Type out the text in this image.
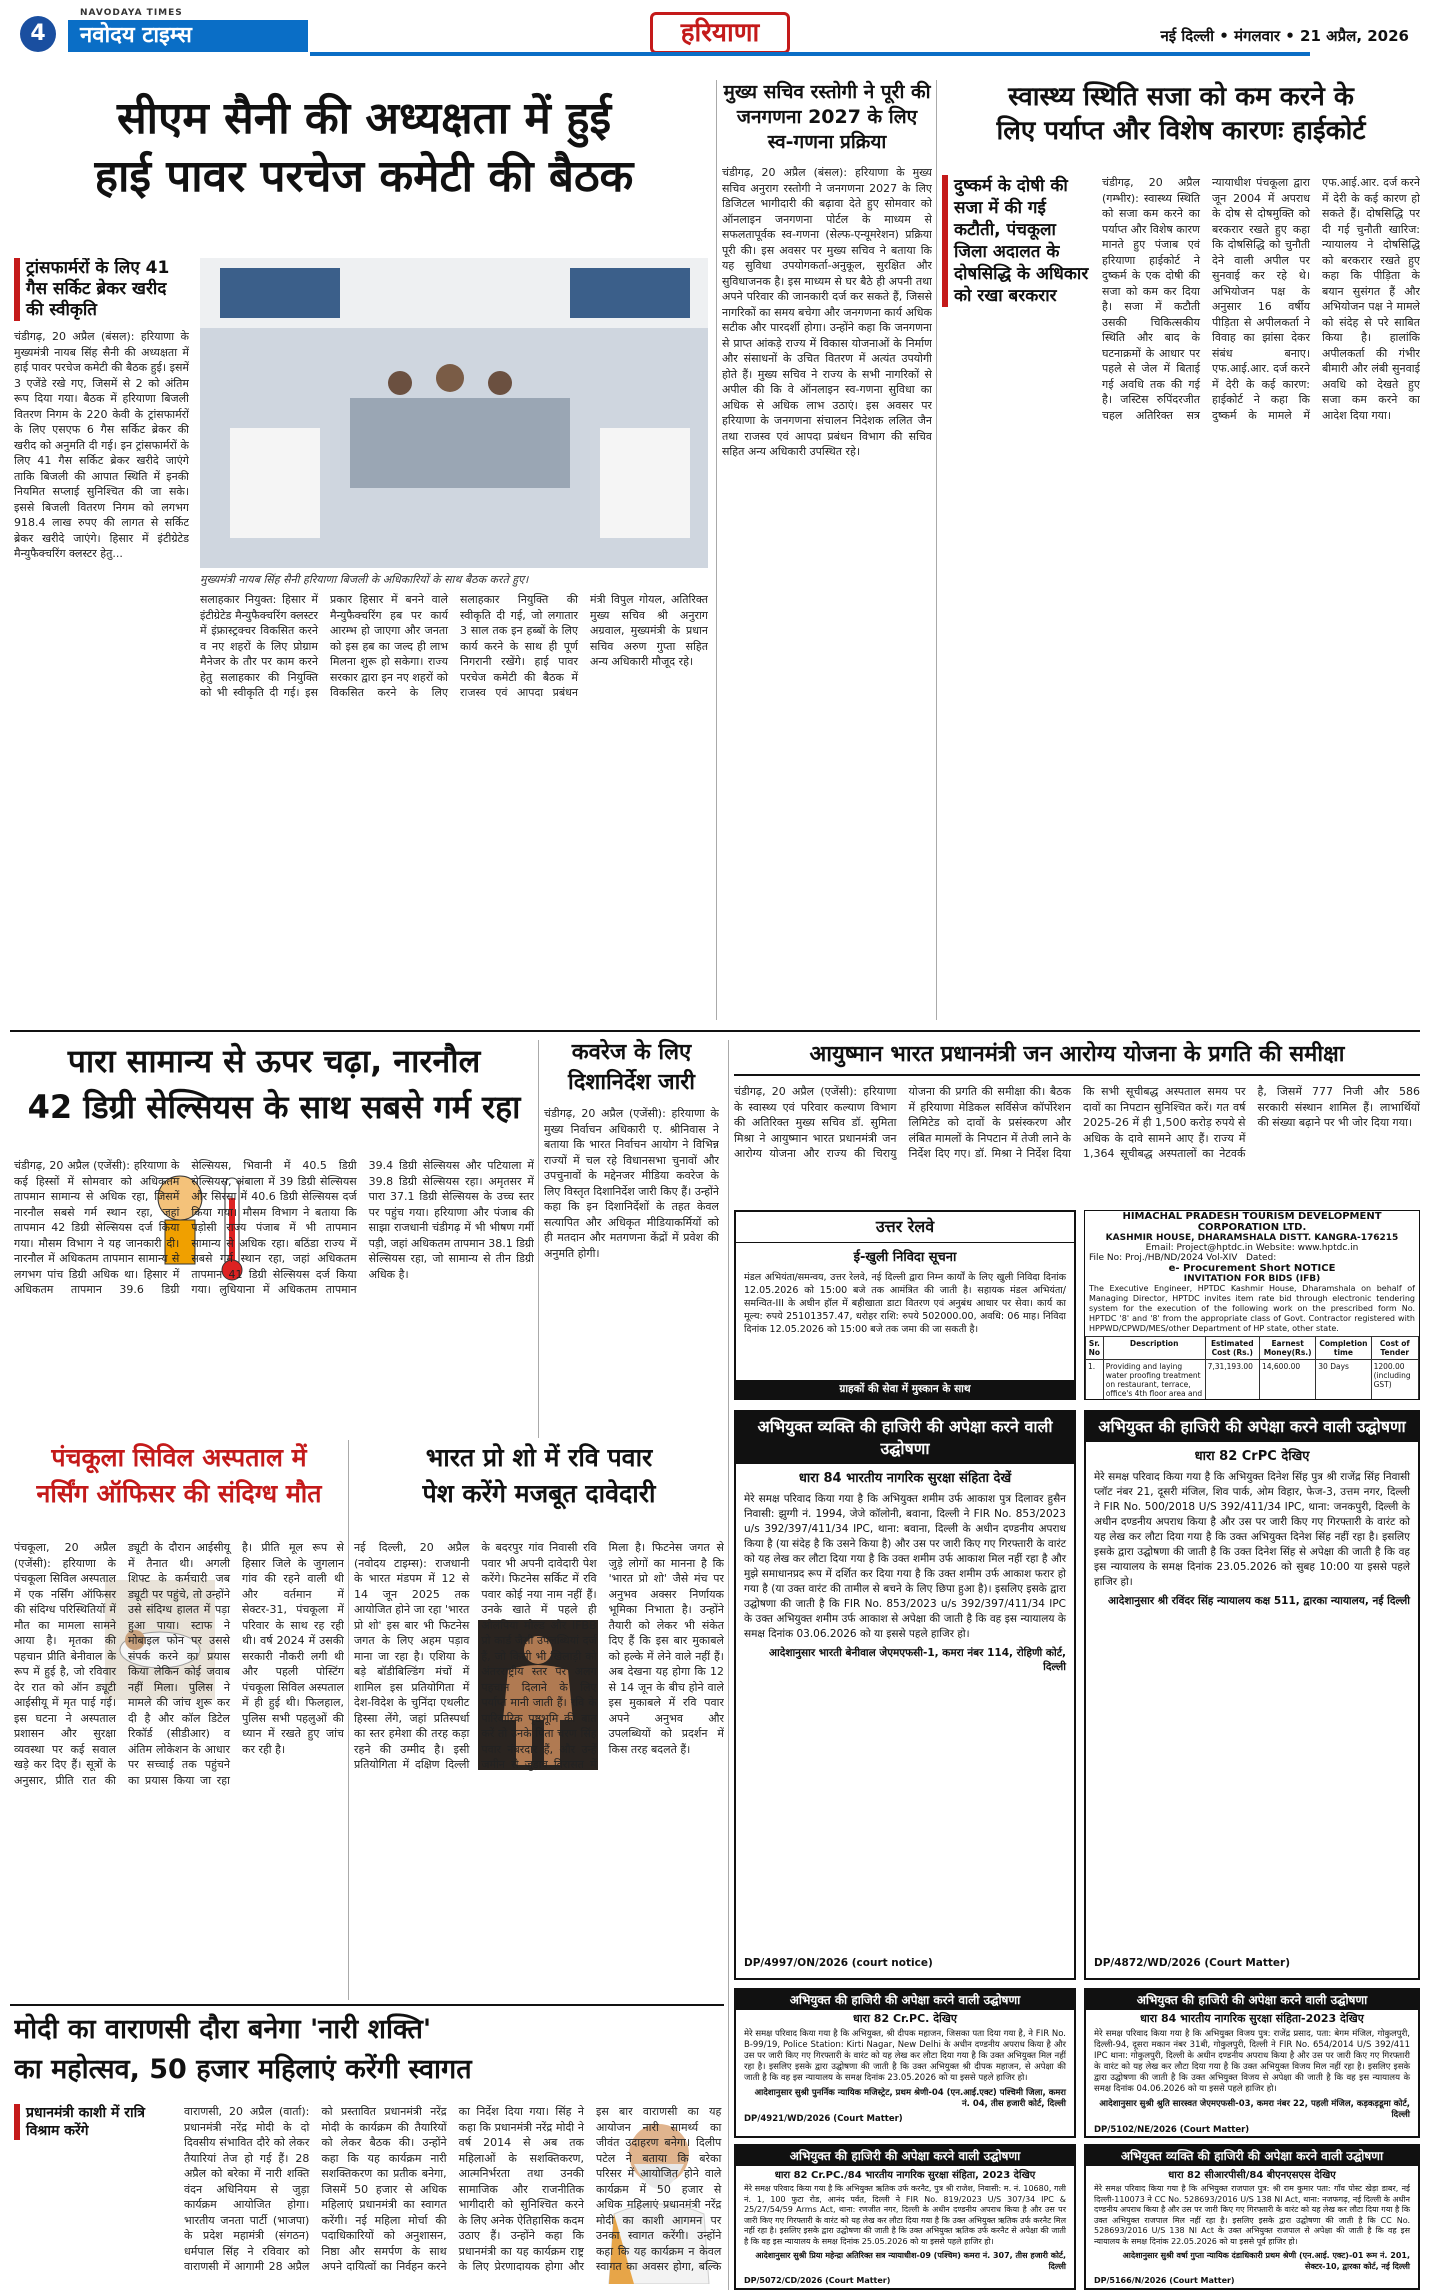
4
NAVODAYA TIMES
नवोदय टाइम्स	हरियाणा	नई दिल्ली • मंगलवार • 21 अप्रैल, 2026
सीएम सैनी की अध्यक्षता में हुई
हाई पावर परचेज कमेटी की बैठक
ट्रांसफार्मरों के लिए 41 गैस सर्किट ब्रेकर खरीद की स्वीकृति
चंडीगढ़, 20 अप्रैल (बंसल): हरियाणा के मुख्यमंत्री नायब सिंह सैनी की अध्यक्षता में हाई पावर परचेज कमेटी की बैठक हुई। इसमें 3 एजेंडे रखे गए, जिसमें से 2 को अंतिम रूप दिया गया। बैठक में हरियाणा बिजली वितरण निगम के 220 केवी के ट्रांसफार्मरों के लिए एसएफ 6 गैस सर्किट ब्रेकर की खरीद को अनुमति दी गई। इन ट्रांसफार्मरों के लिए 41 गैस सर्किट ब्रेकर खरीदे जाएंगे ताकि बिजली की आपात स्थिति में इनकी नियमित सप्लाई सुनिश्चित की जा सके। इससे बिजली वितरण निगम को लगभग 918.4 लाख रुपए की लागत से सर्किट ब्रेकर खरीदे जाएंगे। हिसार में इंटीग्रेटेड मैन्युफैक्चरिंग क्लस्टर हेतु...
मुख्यमंत्री नायब सिंह सैनी हरियाणा बिजली के अधिकारियों के साथ बैठक करते हुए।
सलाहकार नियुक्त: हिसार में इंटीग्रेटेड मैन्युफैक्चरिंग क्लस्टर में इंफ्रास्ट्रक्चर विकसित करने व नए शहरों के लिए प्रोग्राम मैनेजर के तौर पर काम करने हेतु सलाहकार की नियुक्ति को भी स्वीकृति दी गई। इस प्रकार हिसार में बनने वाले मैन्युफैक्चरिंग हब पर कार्य आरम्भ हो जाएगा और जनता को इस हब का जल्द ही लाभ मिलना शुरू हो सकेगा। राज्य सरकार द्वारा इन नए शहरों को विकसित करने के लिए सलाहकार नियुक्ति की स्वीकृति दी गई, जो लगातार 3 साल तक इन हब्बों के लिए कार्य करने के साथ ही पूर्ण निगरानी रखेंगे। हाई पावर परचेज कमेटी की बैठक में राजस्व एवं आपदा प्रबंधन मंत्री विपुल गोयल, अतिरिक्त मुख्य सचिव श्री अनुराग अग्रवाल, मुख्यमंत्री के प्रधान सचिव अरुण गुप्ता सहित अन्य अधिकारी मौजूद रहे।
मुख्य सचिव रस्तोगी ने पूरी की जनगणना 2027 के लिए स्व-गणना प्रक्रिया
चंडीगढ़, 20 अप्रैल (बंसल): हरियाणा के मुख्य सचिव अनुराग रस्तोगी ने जनगणना 2027 के लिए डिजिटल भागीदारी की बढ़ावा देते हुए सोमवार को ऑनलाइन जनगणना पोर्टल के माध्यम से सफलतापूर्वक स्व-गणना (सेल्फ-एन्यूमरेशन) प्रक्रिया पूरी की। इस अवसर पर मुख्य सचिव ने बताया कि यह सुविधा उपयोगकर्ता-अनुकूल, सुरक्षित और सुविधाजनक है। इस माध्यम से घर बैठे ही अपनी तथा अपने परिवार की जानकारी दर्ज कर सकते हैं, जिससे नागरिकों का समय बचेगा और जनगणना कार्य अधिक सटीक और पारदर्शी होगा। उन्होंने कहा कि जनगणना से प्राप्त आंकड़े राज्य में विकास योजनाओं के निर्माण और संसाधनों के उचित वितरण में अत्यंत उपयोगी होते हैं। मुख्य सचिव ने राज्य के सभी नागरिकों से अपील की कि वे ऑनलाइन स्व-गणना सुविधा का अधिक से अधिक लाभ उठाएं। इस अवसर पर हरियाणा के जनगणना संचालन निदेशक ललित जैन तथा राजस्व एवं आपदा प्रबंधन विभाग की सचिव सहित अन्य अधिकारी उपस्थित रहे।
स्वास्थ्य स्थिति सजा को कम करने के
लिए पर्याप्त और विशेष कारणः हाईकोर्ट
दुष्कर्म के दोषी की सजा में की गई कटौती, पंचकूला जिला अदालत के दोषसिद्धि के अधिकार को रखा बरकरार
चंडीगढ़, 20 अप्रैल (गम्भीर): स्वास्थ्य स्थिति को सजा कम करने का पर्याप्त और विशेष कारण मानते हुए पंजाब एवं हरियाणा हाईकोर्ट ने दुष्कर्म के एक दोषी की सजा को कम कर दिया है। सजा में कटौती उसकी चिकित्सकीय स्थिति और बाद के घटनाक्रमों के आधार पर पहले से जेल में बिताई गई अवधि तक की गई है। जस्टिस रुपिंदरजीत चहल अतिरिक्त सत्र न्यायाधीश पंचकूला द्वारा जून 2004 में अपराध के दोष से दोषमुक्ति को बरकरार रखते हुए कहा कि दोषसिद्धि को चुनौती देने वाली अपील पर सुनवाई कर रहे थे। अभियोजन पक्ष के अनुसार 16 वर्षीय पीड़िता से अपीलकर्ता ने विवाह का झांसा देकर संबंध बनाए। एफ.आई.आर. दर्ज करने में देरी के कई कारण: हाईकोर्ट ने कहा कि दुष्कर्म के मामले में एफ.आई.आर. दर्ज करने में देरी के कई कारण हो सकते हैं। दोषसिद्धि पर दी गई चुनौती खारिज: न्यायालय ने दोषसिद्धि को बरकरार रखते हुए कहा कि पीड़िता के बयान सुसंगत हैं और अभियोजन पक्ष ने मामले को संदेह से परे साबित किया है। हालांकि अपीलकर्ता की गंभीर बीमारी और लंबी सुनवाई अवधि को देखते हुए सजा कम करने का आदेश दिया गया।
पारा सामान्य से ऊपर चढ़ा, नारनौल
42 डिग्री सेल्सियस के साथ सबसे गर्म रहा
चंडीगढ़, 20 अप्रैल (एजेंसी): हरियाणा के कई हिस्सों में सोमवार को अधिकतम तापमान सामान्य से अधिक रहा, जिसमें नारनौल सबसे गर्म स्थान रहा, जहां तापमान 42 डिग्री सेल्सियस दर्ज किया गया। मौसम विभाग ने यह जानकारी दी। नारनौल में अधिकतम तापमान सामान्य से लगभग पांच डिग्री अधिक था। हिसार में अधिकतम तापमान 39.6 डिग्री सेल्सियस, भिवानी में 40.5 डिग्री सेल्सियस, अंबाला में 39 डिग्री सेल्सियस और सिरसा में 40.6 डिग्री सेल्सियस दर्ज किया गया। मौसम विभाग ने बताया कि पड़ोसी राज्य पंजाब में भी तापमान सामान्य से अधिक रहा। बठिंडा राज्य में सबसे गर्म स्थान रहा, जहां अधिकतम तापमान 41 डिग्री सेल्सियस दर्ज किया गया। लुधियाना में अधिकतम तापमान 39.4 डिग्री सेल्सियस और पटियाला में 39.8 डिग्री सेल्सियस रहा। अमृतसर में पारा 37.1 डिग्री सेल्सियस के उच्च स्तर पर पहुंच गया। हरियाणा और पंजाब की साझा राजधानी चंडीगढ़ में भी भीषण गर्मी पड़ी, जहां अधिकतम तापमान 38.1 डिग्री सेल्सियस रहा, जो सामान्य से तीन डिग्री अधिक है।
कवरेज के लिए
दिशानिर्देश जारी
चंडीगढ़, 20 अप्रैल (एजेंसी): हरियाणा के मुख्य निर्वाचन अधिकारी ए. श्रीनिवास ने बताया कि भारत निर्वाचन आयोग ने विभिन्न राज्यों में चल रहे विधानसभा चुनावों और उपचुनावों के मद्देनजर मीडिया कवरेज के लिए विस्तृत दिशानिर्देश जारी किए हैं। उन्होंने कहा कि इन दिशानिर्देशों के तहत केवल सत्यापित और अधिकृत मीडियाकर्मियों को ही मतदान और मतगणना केंद्रों में प्रवेश की अनुमति होगी।
पंचकूला सिविल अस्पताल में
नर्सिंग ऑफिसर की संदिग्ध मौत
पंचकूला, 20 अप्रैल (एजेंसी): हरियाणा के पंचकूला सिविल अस्पताल में एक नर्सिंग ऑफिसर की संदिग्ध परिस्थितियों में मौत का मामला सामने आया है। मृतका की पहचान प्रीति बेनीवाल के रूप में हुई है, जो रविवार देर रात को ऑन ड्यूटी आईसीयू में मृत पाई गई। इस घटना ने अस्पताल प्रशासन और सुरक्षा व्यवस्था पर कई सवाल खड़े कर दिए हैं। सूत्रों के अनुसार, प्रीति रात की ड्यूटी के दौरान आईसीयू में तैनात थी। अगली शिफ्ट के कर्मचारी जब ड्यूटी पर पहुंचे, तो उन्होंने उसे संदिग्ध हालत में पड़ा हुआ पाया। स्टाफ ने मोबाइल फोन पर उससे संपर्क करने का प्रयास किया लेकिन कोई जवाब नहीं मिला। पुलिस ने मामले की जांच शुरू कर दी है और कॉल डिटेल रिकॉर्ड (सीडीआर) व अंतिम लोकेशन के आधार पर सच्चाई तक पहुंचने का प्रयास किया जा रहा है। प्रीति मूल रूप से हिसार जिले के जुगलान गांव की रहने वाली थी और वर्तमान में सेक्टर-31, पंचकूला में परिवार के साथ रह रही थी। वर्ष 2024 में उसकी सरकारी नौकरी लगी थी और पहली पोस्टिंग पंचकूला सिविल अस्पताल में ही हुई थी। फिलहाल, पुलिस सभी पहलुओं की ध्यान में रखते हुए जांच कर रही है।
भारत प्रो शो में रवि पवार
पेश करेंगे मजबूत दावेदारी
नई दिल्ली, 20 अप्रैल (नवोदय टाइम्स): राजधानी के भारत मंडपम में 12 से 14 जून 2025 तक आयोजित होने जा रहा 'भारत प्रो शो' इस बार भी फिटनेस जगत के लिए अहम पड़ाव माना जा रहा है। एशिया के बड़े बॉडीबिल्डिंग मंचों में शामिल इस प्रतियोगिता में देश-विदेश के चुनिंदा एथलीट हिस्सा लेंगे, जहां प्रतिस्पर्धा का स्तर हमेशा की तरह कड़ा रहने की उम्मीद है। इसी प्रतियोगिता में दक्षिण दिल्ली के बदरपुर गांव निवासी रवि पवार भी अपनी दावेदारी पेश करेंगे। फिटनेस सर्किट में रवि पवार कोई नया नाम नहीं हैं। उनके खाते में पहले ही ओलंपिया मोल्ड और IFBB प्रो कार्ड जैसी उपलब्धियां दर्ज हैं, जो किसी भी खिलाड़ी को अंतरराष्ट्रीय स्तर पर अलग पहचान दिलाने के लिए पर्याप्त मानी जाती हैं। रवि के पारिवारिक पृष्ठभूमि की बात करें तो उनके पिता चरण सिंह पवार नंबरदार हैं, और उन्हें जमीन से जुड़ाव विरासत में मिला है। फिटनेस जगत से जुड़े लोगों का मानना है कि 'भारत प्रो शो' जैसे मंच पर अनुभव अक्सर निर्णायक भूमिका निभाता है। उन्होंने तैयारी को लेकर भी संकेत दिए हैं कि इस बार मुकाबले को हल्के में लेने वाले नहीं हैं। अब देखना यह होगा कि 12 से 14 जून के बीच होने वाले इस मुकाबले में रवि पवार अपने अनुभव और उपलब्धियों को प्रदर्शन में किस तरह बदलते हैं।
आयुष्मान भारत प्रधानमंत्री जन आरोग्य योजना के प्रगति की समीक्षा
चंडीगढ़, 20 अप्रैल (एजेंसी): हरियाणा के स्वास्थ्य एवं परिवार कल्याण विभाग की अतिरिक्त मुख्य सचिव डॉ. सुमिता मिश्रा ने आयुष्मान भारत प्रधानमंत्री जन आरोग्य योजना और राज्य की चिरायु योजना की प्रगति की समीक्षा की। बैठक में हरियाणा मेडिकल सर्विसेज कॉर्पोरेशन लिमिटेड को दावों के प्रसंस्करण और लंबित मामलों के निपटान में तेजी लाने के निर्देश दिए गए। डॉ. मिश्रा ने निर्देश दिया कि सभी सूचीबद्ध अस्पताल समय पर दावों का निपटान सुनिश्चित करें। गत वर्ष 2025-26 में ही 1,500 करोड़ रुपये से अधिक के दावे सामने आए हैं। राज्य में 1,364 सूचीबद्ध अस्पतालों का नेटवर्क है, जिसमें 777 निजी और 586 सरकारी संस्थान शामिल हैं। लाभार्थियों की संख्या बढ़ाने पर भी जोर दिया गया।
उत्तर रेलवे
ई-खुली निविदा सूचना
मंडल अभियंता/समन्वय, उत्तर रेलवे, नई दिल्ली द्वारा निम्न कार्यों के लिए खुली निविदा दिनांक 12.05.2026 को 15:00 बजे तक आमंत्रित की जाती है। सहायक मंडल अभियंता/समन्वित-III के अधीन हॉल में बहीखाता डाटा वितरण एवं अनुबंध आधार पर सेवा। कार्य का मूल्य: रुपये 25101357.47, धरोहर राशि: रुपये 502000.00, अवधि: 06 माह। निविदा दिनांक 12.05.2026 को 15:00 बजे तक जमा की जा सकती है।
ग्राहकों की सेवा में मुस्कान के साथ
HIMACHAL PRADESH TOURISM DEVELOPMENT CORPORATION LTD.
KASHMIR HOUSE, DHARAMSHALA DISTT. KANGRA-176215
Email: Project@hptdc.in Website: www.hptdc.in
File No: Proj./HB/ND/2024 Vol-XIV Dated:
e- Procurement Short NOTICE
INVITATION FOR BIDS (IFB)
The Executive Engineer, HPTDC Kashmir House, Dharamshala on behalf of Managing Director, HPTDC invites item rate bid through electronic tendering system for the execution of the following work on the prescribed form No. HPTDC '8' and '8' from the appropriate class of Govt. Contractor registered with HPPWD/CPWD/MES/other Department of HP state, other state.
Sr. No	Description	Estimated Cost (Rs.)	Earnest Money(Rs.)	Completion time	Cost of Tender
1.	Providing and laying water proofing treatment on restaurant, terrace, office's 4th floor area and	7,31,193.00	14,600.00	30 Days	1200.00 (including GST)
अभियुक्त व्यक्ति की हाजिरी की अपेक्षा करने वाली उद्घोषणा
धारा 84 भारतीय नागरिक सुरक्षा संहिता देखें
मेरे समक्ष परिवाद किया गया है कि अभियुक्त शमीम उर्फ आकाश पुत्र दिलावर हुसैन निवासी: झुग्गी नं. 1994, जेजे कॉलोनी, बवाना, दिल्ली ने FIR No. 853/2023 u/s 392/397/411/34 IPC, थाना: बवाना, दिल्ली के अधीन दण्डनीय अपराध किया है (या संदेह है कि उसने किया है) और उस पर जारी किए गए गिरफ्तारी के वारंट को यह लेख कर लौटा दिया गया है कि उक्त शमीम उर्फ आकाश मिल नहीं रहा है और मुझे समाधानप्रद रूप में दर्शित कर दिया गया है कि उक्त शमीम उर्फ आकाश फरार हो गया है (या उक्त वारंट की तामील से बचने के लिए छिपा हुआ है)। इसलिए इसके द्वारा उद्घोषणा की जाती है कि FIR No. 853/2023 u/s 392/397/411/34 IPC के उक्त अभियुक्त शमीम उर्फ आकाश से अपेक्षा की जाती है कि वह इस न्यायालय के समक्ष दिनांक 03.06.2026 को या इससे पहले हाजिर हो।
आदेशानुसार भारती बेनीवाल जेएमएफसी-1, कमरा नंबर 114, रोहिणी कोर्ट, दिल्ली
DP/4997/ON/2026 (court notice)
अभियुक्त की हाजिरी की अपेक्षा करने वाली उद्घोषणा
धारा 82 CrPC देखिए
मेरे समक्ष परिवाद किया गया है कि अभियुक्त दिनेश सिंह पुत्र श्री राजेंद्र सिंह निवासी प्लॉट नंबर 21, दूसरी मंजिल, शिव पार्क, ओम विहार, फेज-3, उत्तम नगर, दिल्ली ने FIR No. 500/2018 U/S 392/411/34 IPC, थाना: जनकपुरी, दिल्ली के अधीन दण्डनीय अपराध किया है और उस पर जारी किए गए गिरफ्तारी के वारंट को यह लेख कर लौटा दिया गया है कि उक्त अभियुक्त दिनेश सिंह नहीं रहा है। इसलिए इसके द्वारा उद्घोषणा की जाती है कि उक्त दिनेश सिंह से अपेक्षा की जाती है कि वह इस न्यायालय के समक्ष दिनांक 23.05.2026 को सुबह 10:00 या इससे पहले हाजिर हो।
आदेशानुसार श्री रविंदर सिंह न्यायालय कक्ष 511, द्वारका न्यायालय, नई दिल्ली
DP/4872/WD/2026 (Court Matter)
मोदी का वाराणसी दौरा बनेगा 'नारी शक्ति'
का महोत्सव, 50 हजार महिलाएं करेंगी स्वागत
प्रधानमंत्री काशी में रात्रि विश्राम करेंगे
वाराणसी, 20 अप्रैल (वार्ता): प्रधानमंत्री नरेंद्र मोदी के दो दिवसीय संभावित दौरे को लेकर तैयारियां तेज हो गई हैं। 28 अप्रैल को बरेका में नारी शक्ति वंदन अधिनियम से जुड़ा कार्यक्रम आयोजित होगा। भारतीय जनता पार्टी (भाजपा) के प्रदेश महामंत्री (संगठन) धर्मपाल सिंह ने रविवार को वाराणसी में आगामी 28 अप्रैल को प्रस्तावित प्रधानमंत्री नरेंद्र मोदी के कार्यक्रम की तैयारियों को लेकर बैठक की। उन्होंने कहा कि यह कार्यक्रम नारी सशक्तिकरण का प्रतीक बनेगा, जिसमें 50 हजार से अधिक महिलाएं प्रधानमंत्री का स्वागत करेंगी। नई महिला मोर्चा की पदाधिकारियों को अनुशासन, निष्ठा और समर्पण के साथ अपने दायित्वों का निर्वहन करने का निर्देश दिया गया। सिंह ने कहा कि प्रधानमंत्री नरेंद्र मोदी ने वर्ष 2014 से अब तक महिलाओं के सशक्तिकरण, आत्मनिर्भरता तथा उनकी सामाजिक और राजनीतिक भागीदारी को सुनिश्चित करने के लिए अनेक ऐतिहासिक कदम उठाए हैं। उन्होंने कहा कि प्रधानमंत्री का यह कार्यक्रम राष्ट्र के लिए प्रेरणादायक होगा और
अभियुक्त की हाजिरी की अपेक्षा करने वाली उद्घोषणा
धारा 82 Cr.PC. देखिए
मेरे समक्ष परिवाद किया गया है कि अभियुक्त, श्री दीपक महाजन, जिसका पता दिया गया है, ने FIR No. B-99/19, Police Station: Kirti Nagar, New Delhi के अधीन दण्डनीय अपराध किया है और उस पर जारी किए गए गिरफ्तारी के वारंट को यह लेख कर लौटा दिया गया है कि उक्त अभियुक्त मिल नहीं रहा है। इसलिए इसके द्वारा उद्घोषणा की जाती है कि उक्त अभियुक्त श्री दीपक महाजन, से अपेक्षा की जाती है कि वह इस न्यायालय के समक्ष दिनांक 23.05.2026 को या इससे पहले हाजिर हो।
आदेशानुसार सुश्री पुनर्निक न्यायिक मजिस्ट्रेट, प्रथम श्रेणी-04 (एन.आई.एक्ट) पश्चिमी जिला, कमरा नं. 04, तीस हजारी कोर्ट, दिल्ली
DP/4921/WD/2026 (Court Matter)
अभियुक्त की हाजिरी की अपेक्षा करने वाली उद्घोषणा
धारा 84 भारतीय नागरिक सुरक्षा संहिता-2023 देखिए
मेरे समक्ष परिवाद किया गया है कि अभियुक्त विजय पुत्र: राजेंद्र प्रसाद, पता: बेगम मंजिल, गोकुलपुरी, दिल्ली-94, दूसरा मकान नंबर 31बी, गोकुलपुरी, दिल्ली ने FIR No. 654/2014 U/S 392/411 IPC थाना: गोकुलपुरी, दिल्ली के अधीन दण्डनीय अपराध किया है और उस पर जारी किए गए गिरफ्तारी के वारंट को यह लेख कर लौटा दिया गया है कि उक्त अभियुक्त विजय मिल नहीं रहा है। इसलिए इसके द्वारा उद्घोषणा की जाती है कि उक्त अभियुक्त विजय से अपेक्षा की जाती है कि वह इस न्यायालय के समक्ष दिनांक 04.06.2026 को या इससे पहले हाजिर हो।
आदेशानुसार सुश्री श्रुति सारस्वत जेएमएफसी-03, कमरा नंबर 22, पहली मंजिल, कड़कड़डूमा कोर्ट, दिल्ली
DP/5102/NE/2026 (Court Matter)
अभियुक्त की हाजिरी की अपेक्षा करने वाली उद्घोषणा
धारा 82 Cr.PC./84 भारतीय नागरिक सुरक्षा संहिता, 2023 देखिए
मेरे समक्ष परिवाद किया गया है कि अभियुक्त ऋतिक उर्फ करनैट, पुत्र श्री राजेश, निवासी: म. नं. 10680, गली नं. 1, 100 फुटा रोड, आनंद पर्वत, दिल्ली ने FIR No. 819/2023 U/S 307/34 IPC & 25/27/54/59 Arms Act, थाना: रणजीत नगर, दिल्ली के अधीन दण्डनीय अपराध किया है और उस पर जारी किए गए गिरफ्तारी के वारंट को यह लेख कर लौटा दिया गया है कि उक्त अभियुक्त ऋतिक उर्फ करनैट मिल नहीं रहा है। इसलिए इसके द्वारा उद्घोषणा की जाती है कि उक्त अभियुक्त ऋतिक उर्फ करनैट से अपेक्षा की जाती है कि वह इस न्यायालय के समक्ष दिनांक 25.05.2026 को या इससे पहले हाजिर हो।
आदेशानुसार सुश्री प्रिया महेन्द्रा अतिरिक्त सत्र न्यायाधीश-09 (पश्चिम) कमरा नं. 307, तीस हजारी कोर्ट, दिल्ली
DP/5072/CD/2026 (Court Matter)
अभियुक्त व्यक्ति की हाजिरी की अपेक्षा करने वाली उद्घोषणा
धारा 82 सीआरपीसी/84 बीएनएसएस देखिए
मेरे समक्ष परिवाद किया गया है कि अभियुक्त राजपाल पुत्र: श्री राम कुमार पता: गाँव पोस्ट खेड़ा डाबर, नई दिल्ली-110073 ने CC No. 528693/2016 U/S 138 NI Act, थाना: नजफगढ़, नई दिल्ली के अधीन दण्डनीय अपराध किया है और उस पर जारी किए गए गिरफ्तारी के वारंट को यह लेख कर लौटा दिया गया है कि उक्त अभियुक्त राजपाल मिल नहीं रहा है। इसलिए इसके द्वारा उद्घोषणा की जाती है कि CC No. 528693/2016 U/S 138 NI Act के उक्त अभियुक्त राजपाल से अपेक्षा की जाती है कि वह इस न्यायालय के समक्ष दिनांक 22.05.2026 को या इससे पूर्व हाजिर हो।
आदेशानुसार सुश्री वर्षा गुप्ता न्यायिक दंडाधिकारी प्रथम श्रेणी (एन.आई. एक्ट)-01 रूम नं. 201, सेक्टर-10, द्वारका कोर्ट, नई दिल्ली
DP/5166/N/2026 (Court Matter)
